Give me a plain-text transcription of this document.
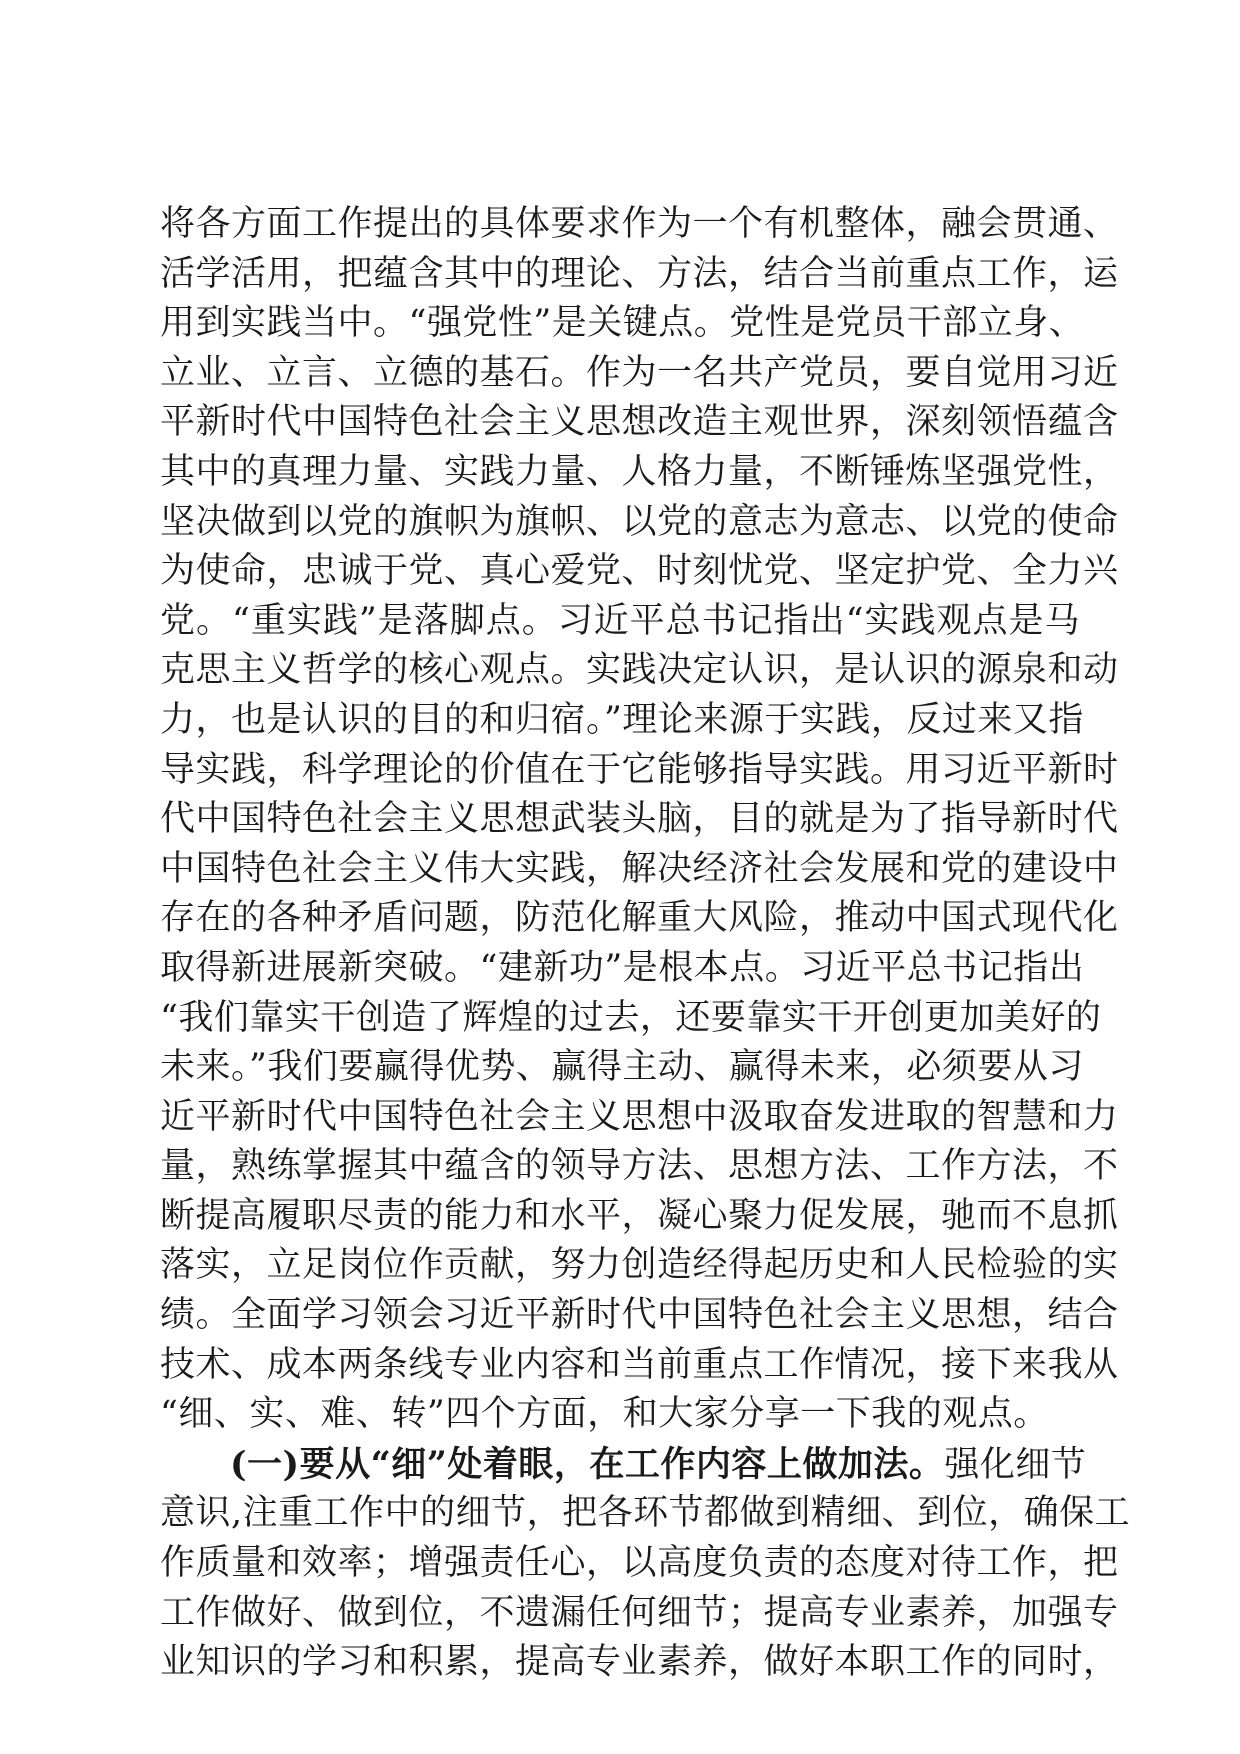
将各方面工作提出的具体要求作为一个有机整体，融会贯通、
活学活用，把蕴含其中的理论、方法，结合当前重点工作，运
用到实践当中。“强党性”是关键点。党性是党员干部立身、
立业、立言、立德的基石。作为一名共产党员，要自觉用习近
平新时代中国特色社会主义思想改造主观世界，深刻领悟蕴含
其中的真理力量、实践力量、人格力量，不断锤炼坚强党性，
坚决做到以党的旗帜为旗帜、以党的意志为意志、以党的使命
为使命，忠诚于党、真心爱党、时刻忧党、坚定护党、全力兴
党。“重实践”是落脚点。习近平总书记指出“实践观点是马
克思主义哲学的核心观点。实践决定认识，是认识的源泉和动
力，也是认识的目的和归宿。”理论来源于实践，反过来又指
导实践，科学理论的价值在于它能够指导实践。用习近平新时
代中国特色社会主义思想武装头脑，目的就是为了指导新时代
中国特色社会主义伟大实践，解决经济社会发展和党的建设中
存在的各种矛盾问题，防范化解重大风险，推动中国式现代化
取得新进展新突破。“建新功”是根本点。习近平总书记指出
“我们靠实干创造了辉煌的过去，还要靠实干开创更加美好的
未来。”我们要赢得优势、赢得主动、赢得未来，必须要从习
近平新时代中国特色社会主义思想中汲取奋发进取的智慧和力
量，熟练掌握其中蕴含的领导方法、思想方法、工作方法，不
断提高履职尽责的能力和水平，凝心聚力促发展，驰而不息抓
落实，立足岗位作贡献，努力创造经得起历史和人民检验的实
绩。全面学习领会习近平新时代中国特色社会主义思想，结合
技术、成本两条线专业内容和当前重点工作情况，接下来我从
“细、实、难、转”四个方面，和大家分享一下我的观点。
(一)要从“细”处着眼，在工作内容上做加法。强化细节
意识,注重工作中的细节，把各环节都做到精细、到位，确保工
作质量和效率；增强责任心，以高度负责的态度对待工作，把
工作做好、做到位，不遗漏任何细节；提高专业素养，加强专
业知识的学习和积累，提高专业素养，做好本职工作的同时，
